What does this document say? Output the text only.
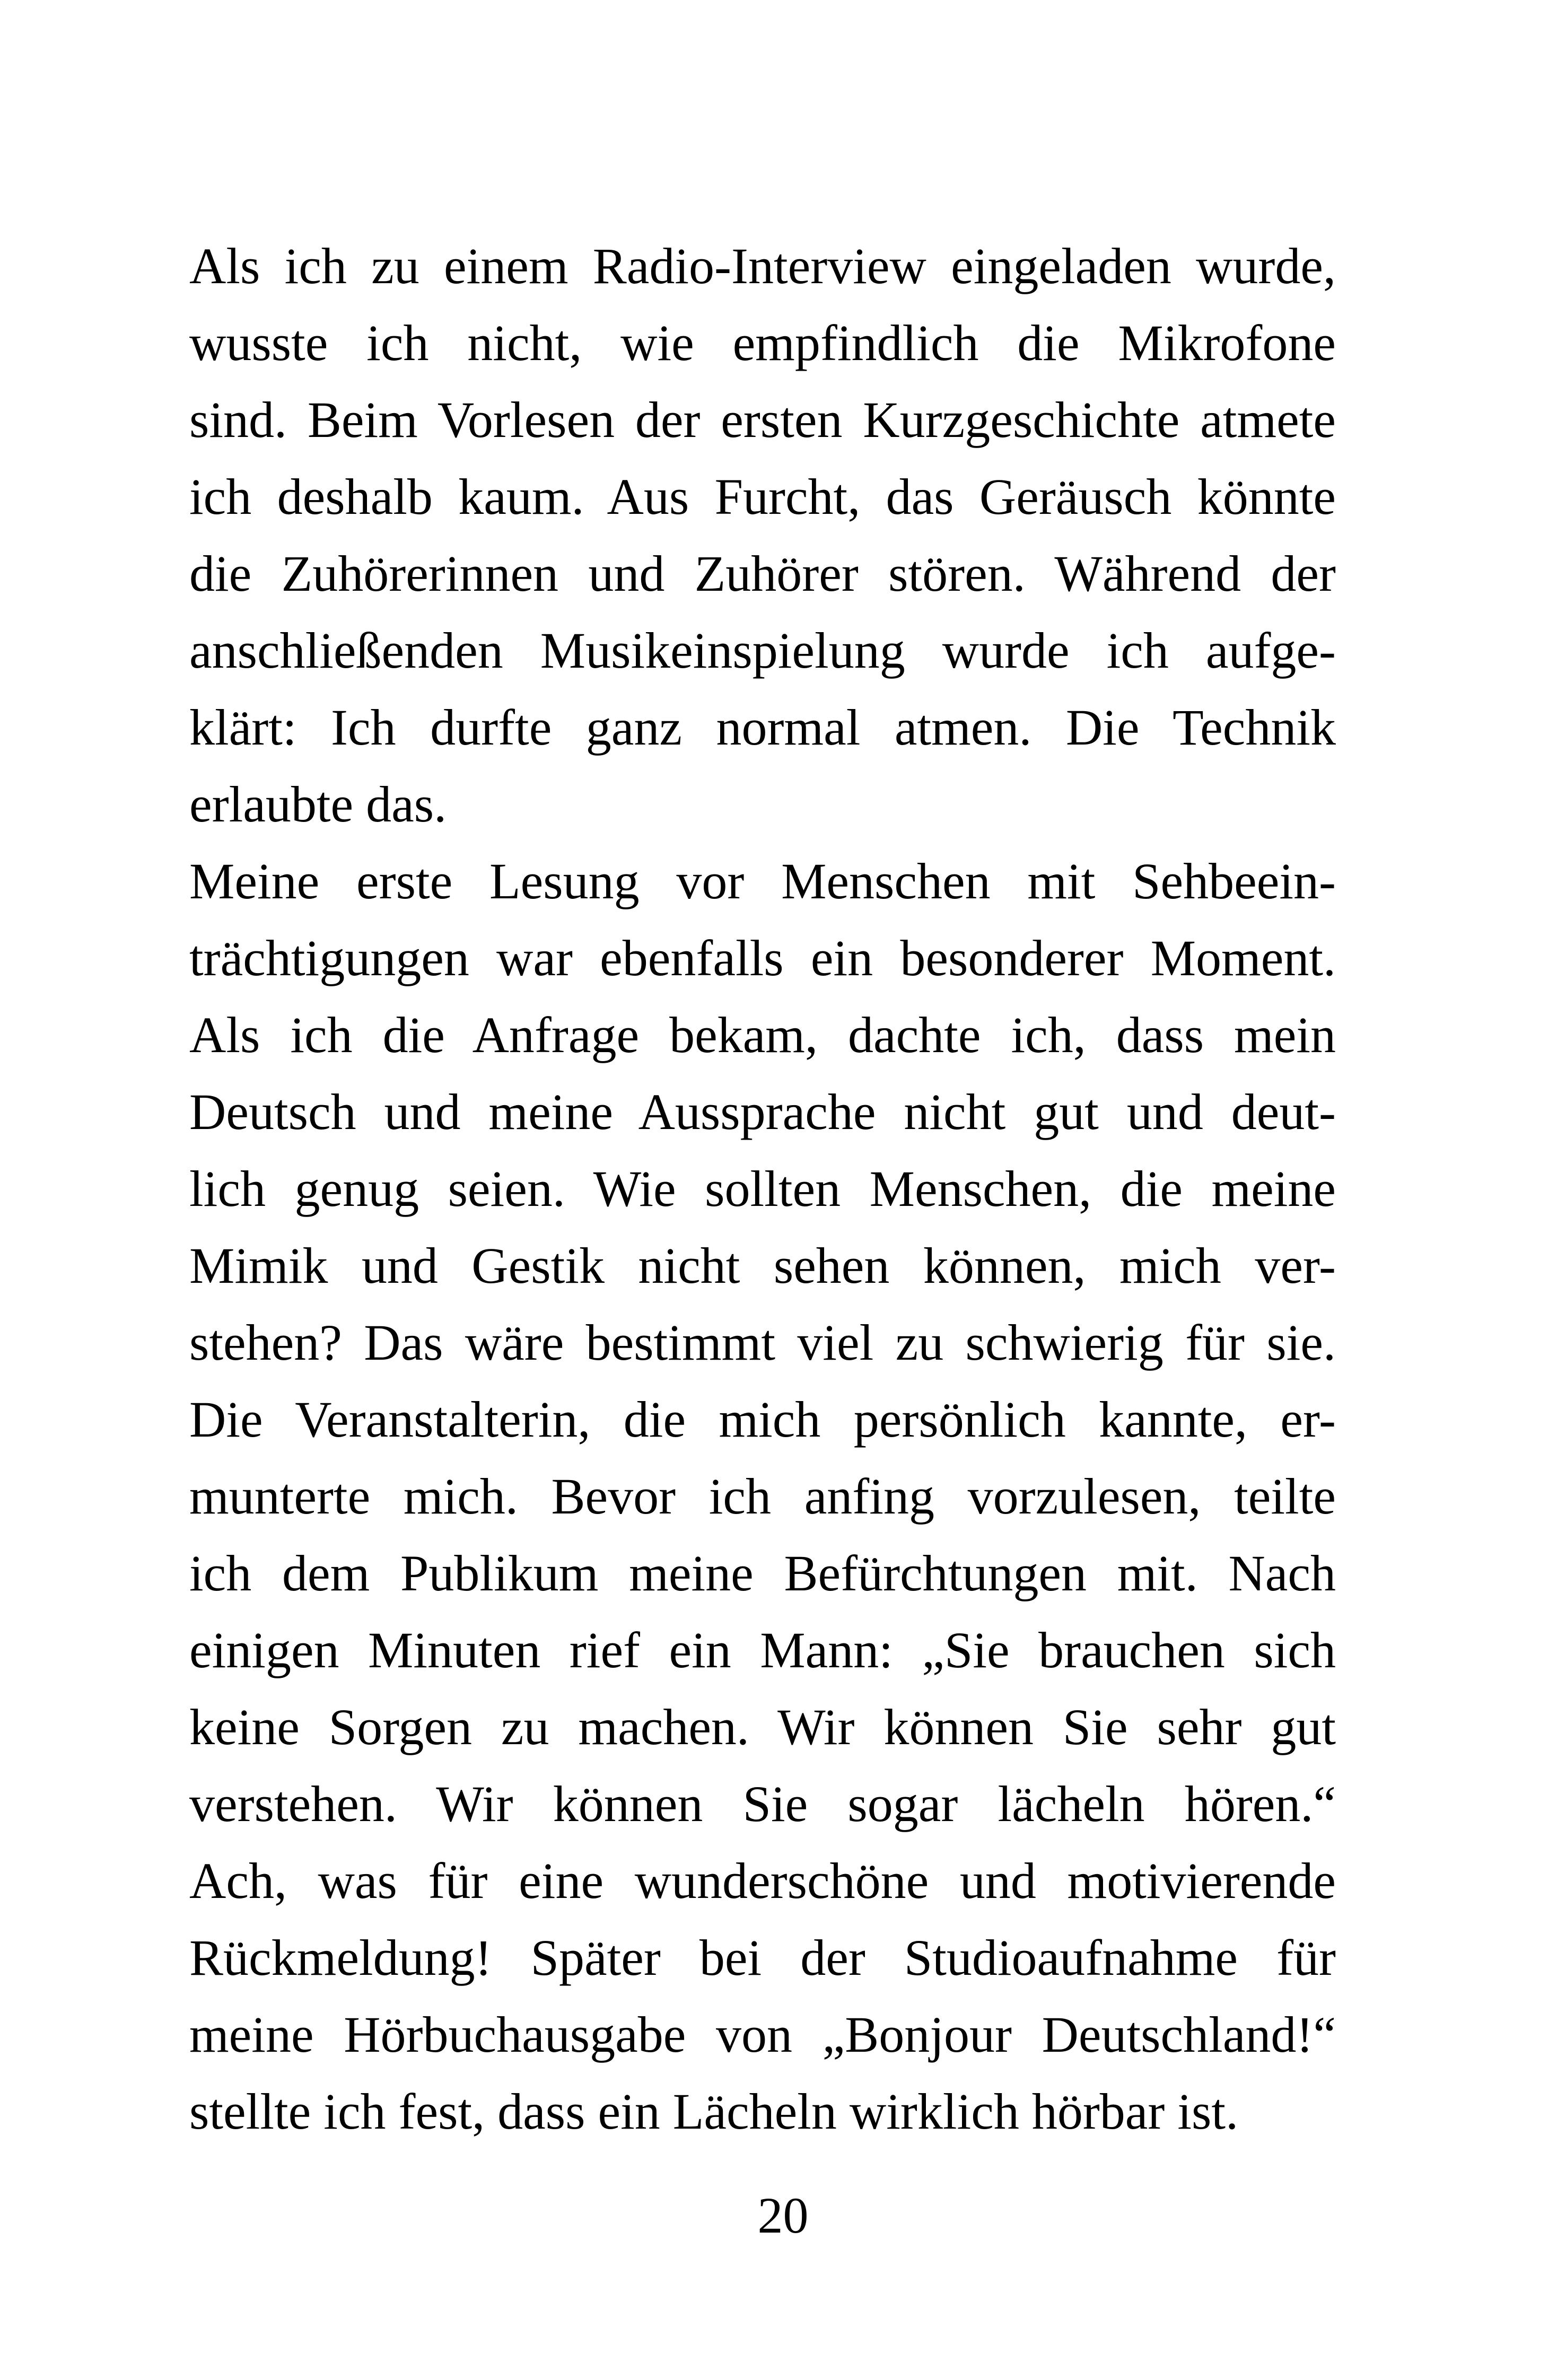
Als ich zu einem Radio-Interview eingeladen wurde,
wusste ich nicht, wie empfindlich die Mikrofone
sind. Beim Vorlesen der ersten Kurzgeschichte atmete
ich deshalb kaum. Aus Furcht, das Geräusch könnte
die Zuhörerinnen und Zuhörer stören. Während der
anschließenden Musikeinspielung wurde ich aufge-
klärt: Ich durfte ganz normal atmen. Die Technik
erlaubte das.
Meine erste Lesung vor Menschen mit Sehbeein-
trächtigungen war ebenfalls ein besonderer Moment.
Als ich die Anfrage bekam, dachte ich, dass mein
Deutsch und meine Aussprache nicht gut und deut-
lich genug seien. Wie sollten Menschen, die meine
Mimik und Gestik nicht sehen können, mich ver-
stehen? Das wäre bestimmt viel zu schwierig für sie.
Die Veranstalterin, die mich persönlich kannte, er-
munterte mich. Bevor ich anfing vorzulesen, teilte
ich dem Publikum meine Befürchtungen mit. Nach
einigen Minuten rief ein Mann: „Sie brauchen sich
keine Sorgen zu machen. Wir können Sie sehr gut
verstehen. Wir können Sie sogar lächeln hören.“
Ach, was für eine wunderschöne und motivierende
Rückmeldung! Später bei der Studioaufnahme für
meine Hörbuchausgabe von „Bonjour Deutschland!“
stellte ich fest, dass ein Lächeln wirklich hörbar ist.
20
